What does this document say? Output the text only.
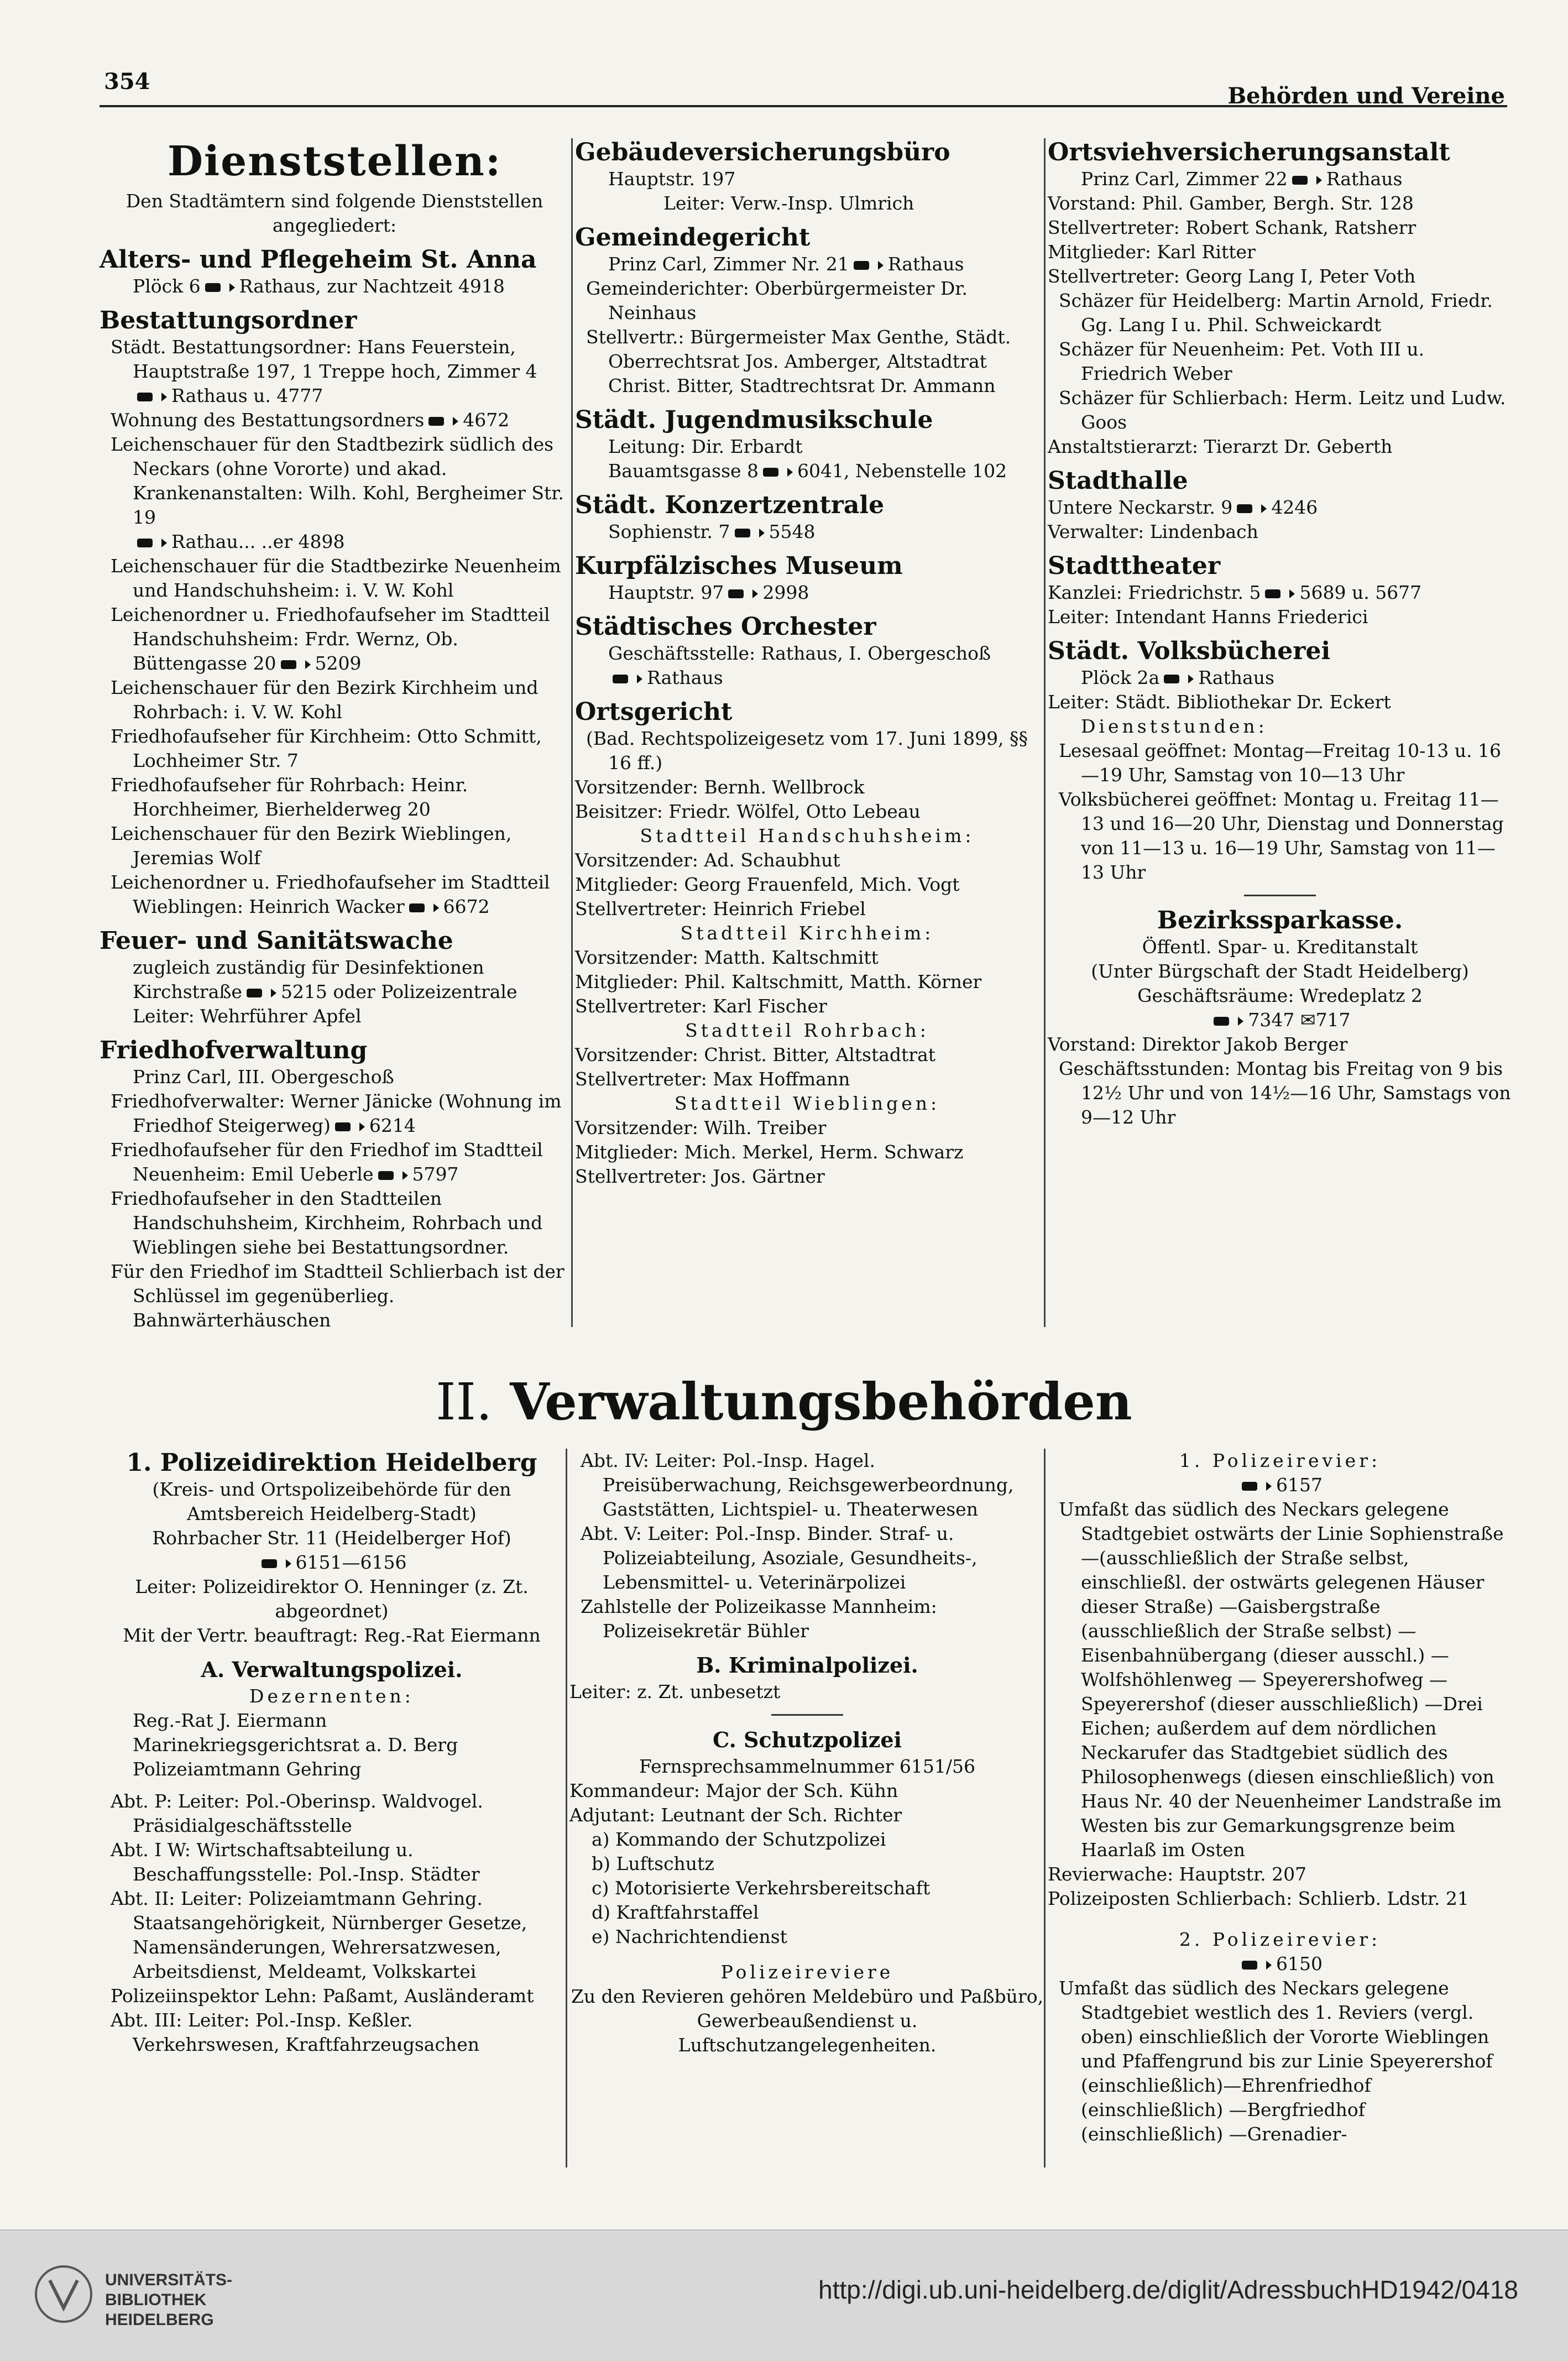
354
Behörden und Vereine
Dienststellen:
Den Stadtämtern sind folgende Dienststellen angegliedert:
Alters- und Pflegeheim St. Anna
Plöck 6 Rathaus, zur Nachtzeit 4918
Bestattungsordner
Städt. Bestattungsordner: Hans Feuerstein, Hauptstraße 197, 1 Treppe hoch, Zimmer 4
Rathaus u. 4777
Wohnung des Bestattungsordners 4672
Leichenschauer für den Stadtbezirk südlich des Neckars (ohne Vororte) und akad. Krankenanstalten: Wilh. Kohl, Bergheimer Str. 19
Rathau... ..er 4898
Leichenschauer für die Stadtbezirke Neuenheim und Handschuhsheim: i. V. W. Kohl
Leichenordner u. Friedhofaufseher im Stadtteil Handschuhsheim: Frdr. Wernz, Ob. Büttengasse 20 5209
Leichenschauer für den Bezirk Kirchheim und Rohrbach: i. V. W. Kohl
Friedhofaufseher für Kirchheim: Otto Schmitt, Lochheimer Str. 7
Friedhofaufseher für Rohrbach: Heinr. Horchheimer, Bierhelderweg 20
Leichenschauer für den Bezirk Wieblingen, Jeremias Wolf
Leichenordner u. Friedhofaufseher im Stadtteil Wieblingen: Heinrich Wacker 6672
Feuer- und Sanitätswache
zugleich zuständig für Desinfektionen Kirchstraße 5215 oder Polizeizentrale
Leiter: Wehrführer Apfel
Friedhofverwaltung
Prinz Carl, III. Obergeschoß
Friedhofverwalter: Werner Jänicke (Wohnung im Friedhof Steigerweg) 6214
Friedhofaufseher für den Friedhof im Stadtteil Neuenheim: Emil Ueberle 5797
Friedhofaufseher in den Stadtteilen Handschuhsheim, Kirchheim, Rohrbach und Wieblingen siehe bei Bestattungsordner.
Für den Friedhof im Stadtteil Schlierbach ist der Schlüssel im gegenüberlieg. Bahnwärterhäuschen
Gebäudeversicherungsbüro
Hauptstr. 197
Leiter: Verw.-Insp. Ulmrich
Gemeindegericht
Prinz Carl, Zimmer Nr. 21 Rathaus
Gemeinderichter: Oberbürgermeister Dr. Neinhaus
Stellvertr.: Bürgermeister Max Genthe, Städt. Oberrechtsrat Jos. Amberger, Altstadtrat Christ. Bitter, Stadtrechtsrat Dr. Ammann
Städt. Jugendmusikschule
Leitung: Dir. Erbardt
Bauamtsgasse 8 6041, Nebenstelle 102
Städt. Konzertzentrale
Sophienstr. 7 5548
Kurpfälzisches Museum
Hauptstr. 97 2998
Städtisches Orchester
Geschäftsstelle: Rathaus, I. Obergeschoß
Rathaus
Ortsgericht
(Bad. Rechtspolizeigesetz vom 17. Juni 1899, §§ 16 ff.)
Vorsitzender: Bernh. Wellbrock
Beisitzer: Friedr. Wölfel, Otto Lebeau
Stadtteil Handschuhsheim:
Vorsitzender: Ad. Schaubhut
Mitglieder: Georg Frauenfeld, Mich. Vogt
Stellvertreter: Heinrich Friebel
Stadtteil Kirchheim:
Vorsitzender: Matth. Kaltschmitt
Mitglieder: Phil. Kaltschmitt, Matth. Körner
Stellvertreter: Karl Fischer
Stadtteil Rohrbach:
Vorsitzender: Christ. Bitter, Altstadtrat
Stellvertreter: Max Hoffmann
Stadtteil Wieblingen:
Vorsitzender: Wilh. Treiber
Mitglieder: Mich. Merkel, Herm. Schwarz
Stellvertreter: Jos. Gärtner
Ortsviehversicherungsanstalt
Prinz Carl, Zimmer 22 Rathaus
Vorstand: Phil. Gamber, Bergh. Str. 128
Stellvertreter: Robert Schank, Ratsherr
Mitglieder: Karl Ritter
Stellvertreter: Georg Lang I, Peter Voth
Schäzer für Heidelberg: Martin Arnold, Friedr. Gg. Lang I u. Phil. Schweickardt
Schäzer für Neuenheim: Pet. Voth III u. Friedrich Weber
Schäzer für Schlierbach: Herm. Leitz und Ludw. Goos
Anstaltstierarzt: Tierarzt Dr. Geberth
Stadthalle
Untere Neckarstr. 9 4246
Verwalter: Lindenbach
Stadttheater
Kanzlei: Friedrichstr. 5 5689 u. 5677
Leiter: Intendant Hanns Friederici
Städt. Volksbücherei
Plöck 2a Rathaus
Leiter: Städt. Bibliothekar Dr. Eckert
Dienststunden:
Lesesaal geöffnet: Montag—Freitag 10-13 u. 16—19 Uhr, Samstag von 10—13 Uhr
Volksbücherei geöffnet: Montag u. Freitag 11—13 und 16—20 Uhr, Dienstag und Donnerstag von 11—13 u. 16—19 Uhr, Samstag von 11—13 Uhr
Bezirkssparkasse.
Öffentl. Spar- u. Kreditanstalt
(Unter Bürgschaft der Stadt Heidelberg)
Geschäftsräume: Wredeplatz 2
7347 ✉717
Vorstand: Direktor Jakob Berger
Geschäftsstunden: Montag bis Freitag von 9 bis 12½ Uhr und von 14½—16 Uhr, Samstags von 9—12 Uhr
II. Verwaltungsbehörden
1. Polizeidirektion Heidelberg
(Kreis- und Ortspolizeibehörde für den Amtsbereich Heidelberg-Stadt)
Rohrbacher Str. 11 (Heidelberger Hof)
6151—6156
Leiter: Polizeidirektor O. Henninger (z. Zt. abgeordnet)
Mit der Vertr. beauftragt: Reg.-Rat Eiermann
A. Verwaltungspolizei.
Dezernenten:
Reg.-Rat J. Eiermann
Marinekriegsgerichtsrat a. D. Berg
Polizeiamtmann Gehring
Abt. P: Leiter: Pol.-Oberinsp. Waldvogel. Präsidialgeschäftsstelle
Abt. I W: Wirtschaftsabteilung u. Beschaffungsstelle: Pol.-Insp. Städter
Abt. II: Leiter: Polizeiamtmann Gehring. Staatsangehörigkeit, Nürnberger Gesetze, Namensänderungen, Wehrersatzwesen, Arbeitsdienst, Meldeamt, Volkskartei
Polizeiinspektor Lehn: Paßamt, Ausländeramt
Abt. III: Leiter: Pol.-Insp. Keßler. Verkehrswesen, Kraftfahrzeugsachen
Abt. IV: Leiter: Pol.-Insp. Hagel. Preisüberwachung, Reichsgewerbeordnung, Gaststätten, Lichtspiel- u. Theaterwesen
Abt. V: Leiter: Pol.-Insp. Binder. Straf- u. Polizeiabteilung, Asoziale, Gesundheits-, Lebensmittel- u. Veterinärpolizei
Zahlstelle der Polizeikasse Mannheim: Polizeisekretär Bühler
B. Kriminalpolizei.
Leiter: z. Zt. unbesetzt
C. Schutzpolizei
Fernsprechsammelnummer 6151/56
Kommandeur: Major der Sch. Kühn
Adjutant: Leutnant der Sch. Richter
a) Kommando der Schutzpolizei
b) Luftschutz
c) Motorisierte Verkehrsbereitschaft
d) Kraftfahrstaffel
e) Nachrichtendienst
Polizeireviere
Zu den Revieren gehören Meldebüro und Paßbüro, Gewerbeaußendienst u. Luftschutzangelegenheiten.
1. Polizeirevier:
6157
Umfaßt das südlich des Neckars gelegene Stadtgebiet ostwärts der Linie Sophienstraße—(ausschließlich der Straße selbst, einschließl. der ostwärts gelegenen Häuser dieser Straße) —Gaisbergstraße (ausschließlich der Straße selbst) —Eisenbahnübergang (dieser ausschl.) — Wolfshöhlenweg — Speyerershofweg — Speyerershof (dieser ausschließlich) —Drei Eichen; außerdem auf dem nördlichen Neckarufer das Stadtgebiet südlich des Philosophenwegs (diesen einschließlich) von Haus Nr. 40 der Neuenheimer Landstraße im Westen bis zur Gemarkungsgrenze beim Haarlaß im Osten
Revierwache: Hauptstr. 207
Polizeiposten Schlierbach: Schlierb. Ldstr. 21
2. Polizeirevier:
6150
Umfaßt das südlich des Neckars gelegene Stadtgebiet westlich des 1. Reviers (vergl. oben) einschließlich der Vororte Wieblingen und Pfaffengrund bis zur Linie Speyerershof (einschließlich)—Ehrenfriedhof (einschließlich) —Bergfriedhof (einschließlich) —Grenadier-
UNIVERSITÄTS-
BIBLIOTHEK
HEIDELBERG
http://digi.ub.uni-heidelberg.de/diglit/AdressbuchHD1942/0418
